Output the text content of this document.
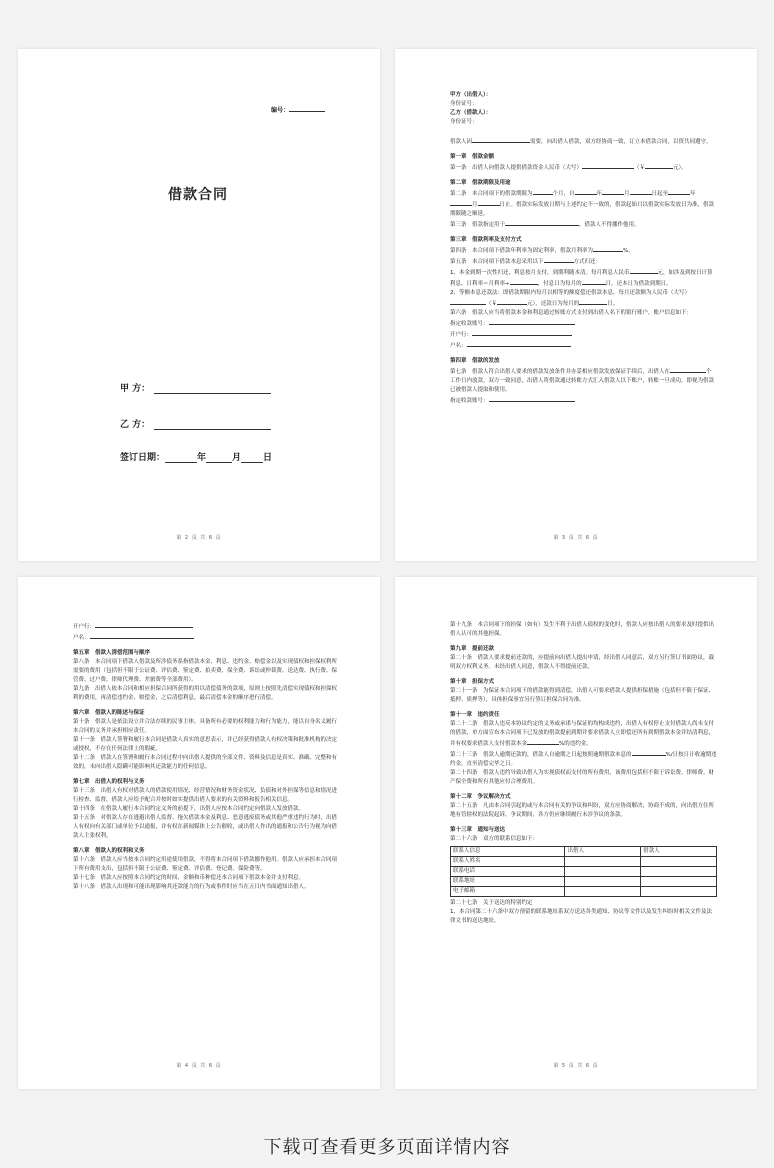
编号：
借款合同
甲 方：
乙 方：
签订日期：	年	月 日
第 2 页 共 6 页

甲方（出借人）：

身份证号：

乙方（借款人）：

身份证号：

借款人因	需要，向出借人借款，双方经协商一致，订立本借款合同，以资共同遵守。

第一章　借款金额

第一条　出借人向借款人提供借款资金人民币（大写）	（￥	元）。

第二章　借款期限及用途

第二条　本合同项下的借款期限为	个月，自	年	月	日起至	年月	日止。借款实际发放日期与上述约定不一致的，借款起始日以借款实际发放日为准，借款期限随之顺延。

第三条　借款指定用于	，借款人不得挪作他用。

第三章　借款利率及支付方式

第四条　本合同项下借款年利率为固定利率，借款月利率为	%。

第五条　本合同项下借款本息采用以下	方式归还：

1、本金到期一次性归还，利息按月支付，到期利随本清。每月利息人民币	元，如涉及到按日计算利息，日利率＝月利率÷	，付息日为每月的	日，还本日为借款到期日。

2、等额本息还款法：即借款期限内每月以相等的额度偿还借款本息。每月还款额为人民币（大写）（￥	元），还款日为每月的	日。

第六条　借款人应当将借款本金和利息通过转账方式支付到出借人名下的银行账户，账户信息如下：

指定收款账号：

开户行：

户名：

第四章　借款的发放

第七条　借款人符合出借人要求的借款发放条件并办妥相应借款发放保证手续后，出借人在	个工作日内放款。双方一致同意，出借人将借款通过转账方式汇入借款人以下账户，转账一旦成功，即视为借款已被借款人提取和使用。

指定收款账号：

第 3 页 共 6 页

开户行：

户名：

第五章　借款人清偿范围与顺序

第八条　本合同项下借款人借款及所涉债务系指借款本金、利息、违约金、赔偿金以及实现债权和担保权利所需要的费用（包括但不限于公证费、评估费、鉴定费、拍卖费、保全费、诉讼或仲裁费、送达费、执行费、保管费、过户费、律师代理费、差旅费等全部费用）。

第九条　出借人依本合同和相应担保合同所获得的用以清偿债务的款项，原则上按照先清偿实现债权和担保权利的费用，再清偿违约金、赔偿金，之后清偿利息，最后清偿本金的顺序进行清偿。

第六章　借款人的陈述与保证

第十条　借款人是依法设立并合法存续的民事主体，具备所有必要的权利能力和行为能力，能以自身名义履行本合同的义务并承担相应责任。

第十一条　借款人签署和履行本合同是借款人真实的意思表示，并已经获得借款人有权决策和批准机构的决定或授权，不存在任何法律上的瑕疵。

第十二条　借款人在签署和履行本合同过程中向出借人提供的全部文件、资料及信息是真实、准确、完整和有效的，未向出借人隐瞒可能影响其还款能力的任何信息。

第七章　出借人的权利与义务

第十三条　出借人有权对借款人的借款使用情况、经营情况和财务资金状况、负债和对外担保等信息和情况进行检查、监督，借款人应给予配合并按时如实提供出借人要求的有关资料和报告相关信息。

第十四条　在借款人履行本合同约定义务的前提下，出借人应按本合同约定向借款人发放借款。

第十五条　对借款人存在逃避出借人监督、拖欠借款本金及利息、恶意逃废债务或其他严重违约行为时，出借人有权向有关部门或单位予以通报，并有权在新闻媒体上公告催收，或出借人作出的通报和公告行为视为向借款人主张权利。

第八章　借款人的权利和义务

第十六条　借款人应当按本合同约定用途使用借款，不得将本合同项下借款挪作他用。借款人应承担本合同项下所有费用支出，包括但不限于公证费、鉴定费、评估费、登记费、保险费等。

第十七条　借款人应按照本合同约定的时间、金额和币种偿还本合同项下借款本金并支付利息。

第十八条　借款人出现和可能出现影响其还款能力的行为或事件时应当在五日内书面通知出借人。

第 4 页 共 6 页

第十九条　本合同项下的担保（如有）发生不利于出借人债权的变化时，借款人应按出借人的要求及时提供出借人认可的其他担保。

第九章　提前还款

第二十条　借款人要求提前还款的，应提前向出借人提出申请，经出借人同意后，双方另行签订书面协议，载明双方权利义务。未经出借人同意，借款人不得提前还款。

第十章　担保方式

第二十一条　为保证本合同项下的借款能得到清偿，出借人可要求借款人提供担保措施（包括但不限于保证、抵押、质押等），具体担保事宜另行签订担保合同为准。

第十一章　违约责任

第二十二条　借款人违反本协议约定的义务或承诺与保证的均构成违约，出借人有权停止支付借款人尚未支付的借款，单方面宣布本合同项下已发放的借款提前到期并要求借款人立即偿还所有到期借款本金并结清利息，并有权要求借款人支付借款本金	%的违约金。

第二十三条　借款人逾期还款的，借款人自逾期之日起按照逾期借款本息的	%/日按日计收逾期违约金，直至清偿完毕之日。

第二十四条　借款人违约导致出借人为实现债权而支付的所有费用，该费用包括但不限于诉讼费、律师费、财产保全费和所有其他应付合理费用。

第十二章　争议解决方式

第二十五条　凡由本合同引起的或与本合同有关的争议和纠纷，双方应协商解决，协商不成的，向出借方住所地有管辖权的法院起诉。争议期间，各方仍应继续履行未涉争议的条款。

第十三章　通知与送达

第二十六条　双方的联系信息如下：

联系人信息	出借人	借款人
联系人姓名		
联系电话		
联系地址		
电子邮箱		

第二十七条　关于送达的特别约定

1、本合同第二十六条中双方预留的联系地址系双方送达各类通知、协议等文件以及发生纠纷时相关文件及法律文书的送达地址。

第 5 页 共 6 页
下载可查看更多页面详情内容
